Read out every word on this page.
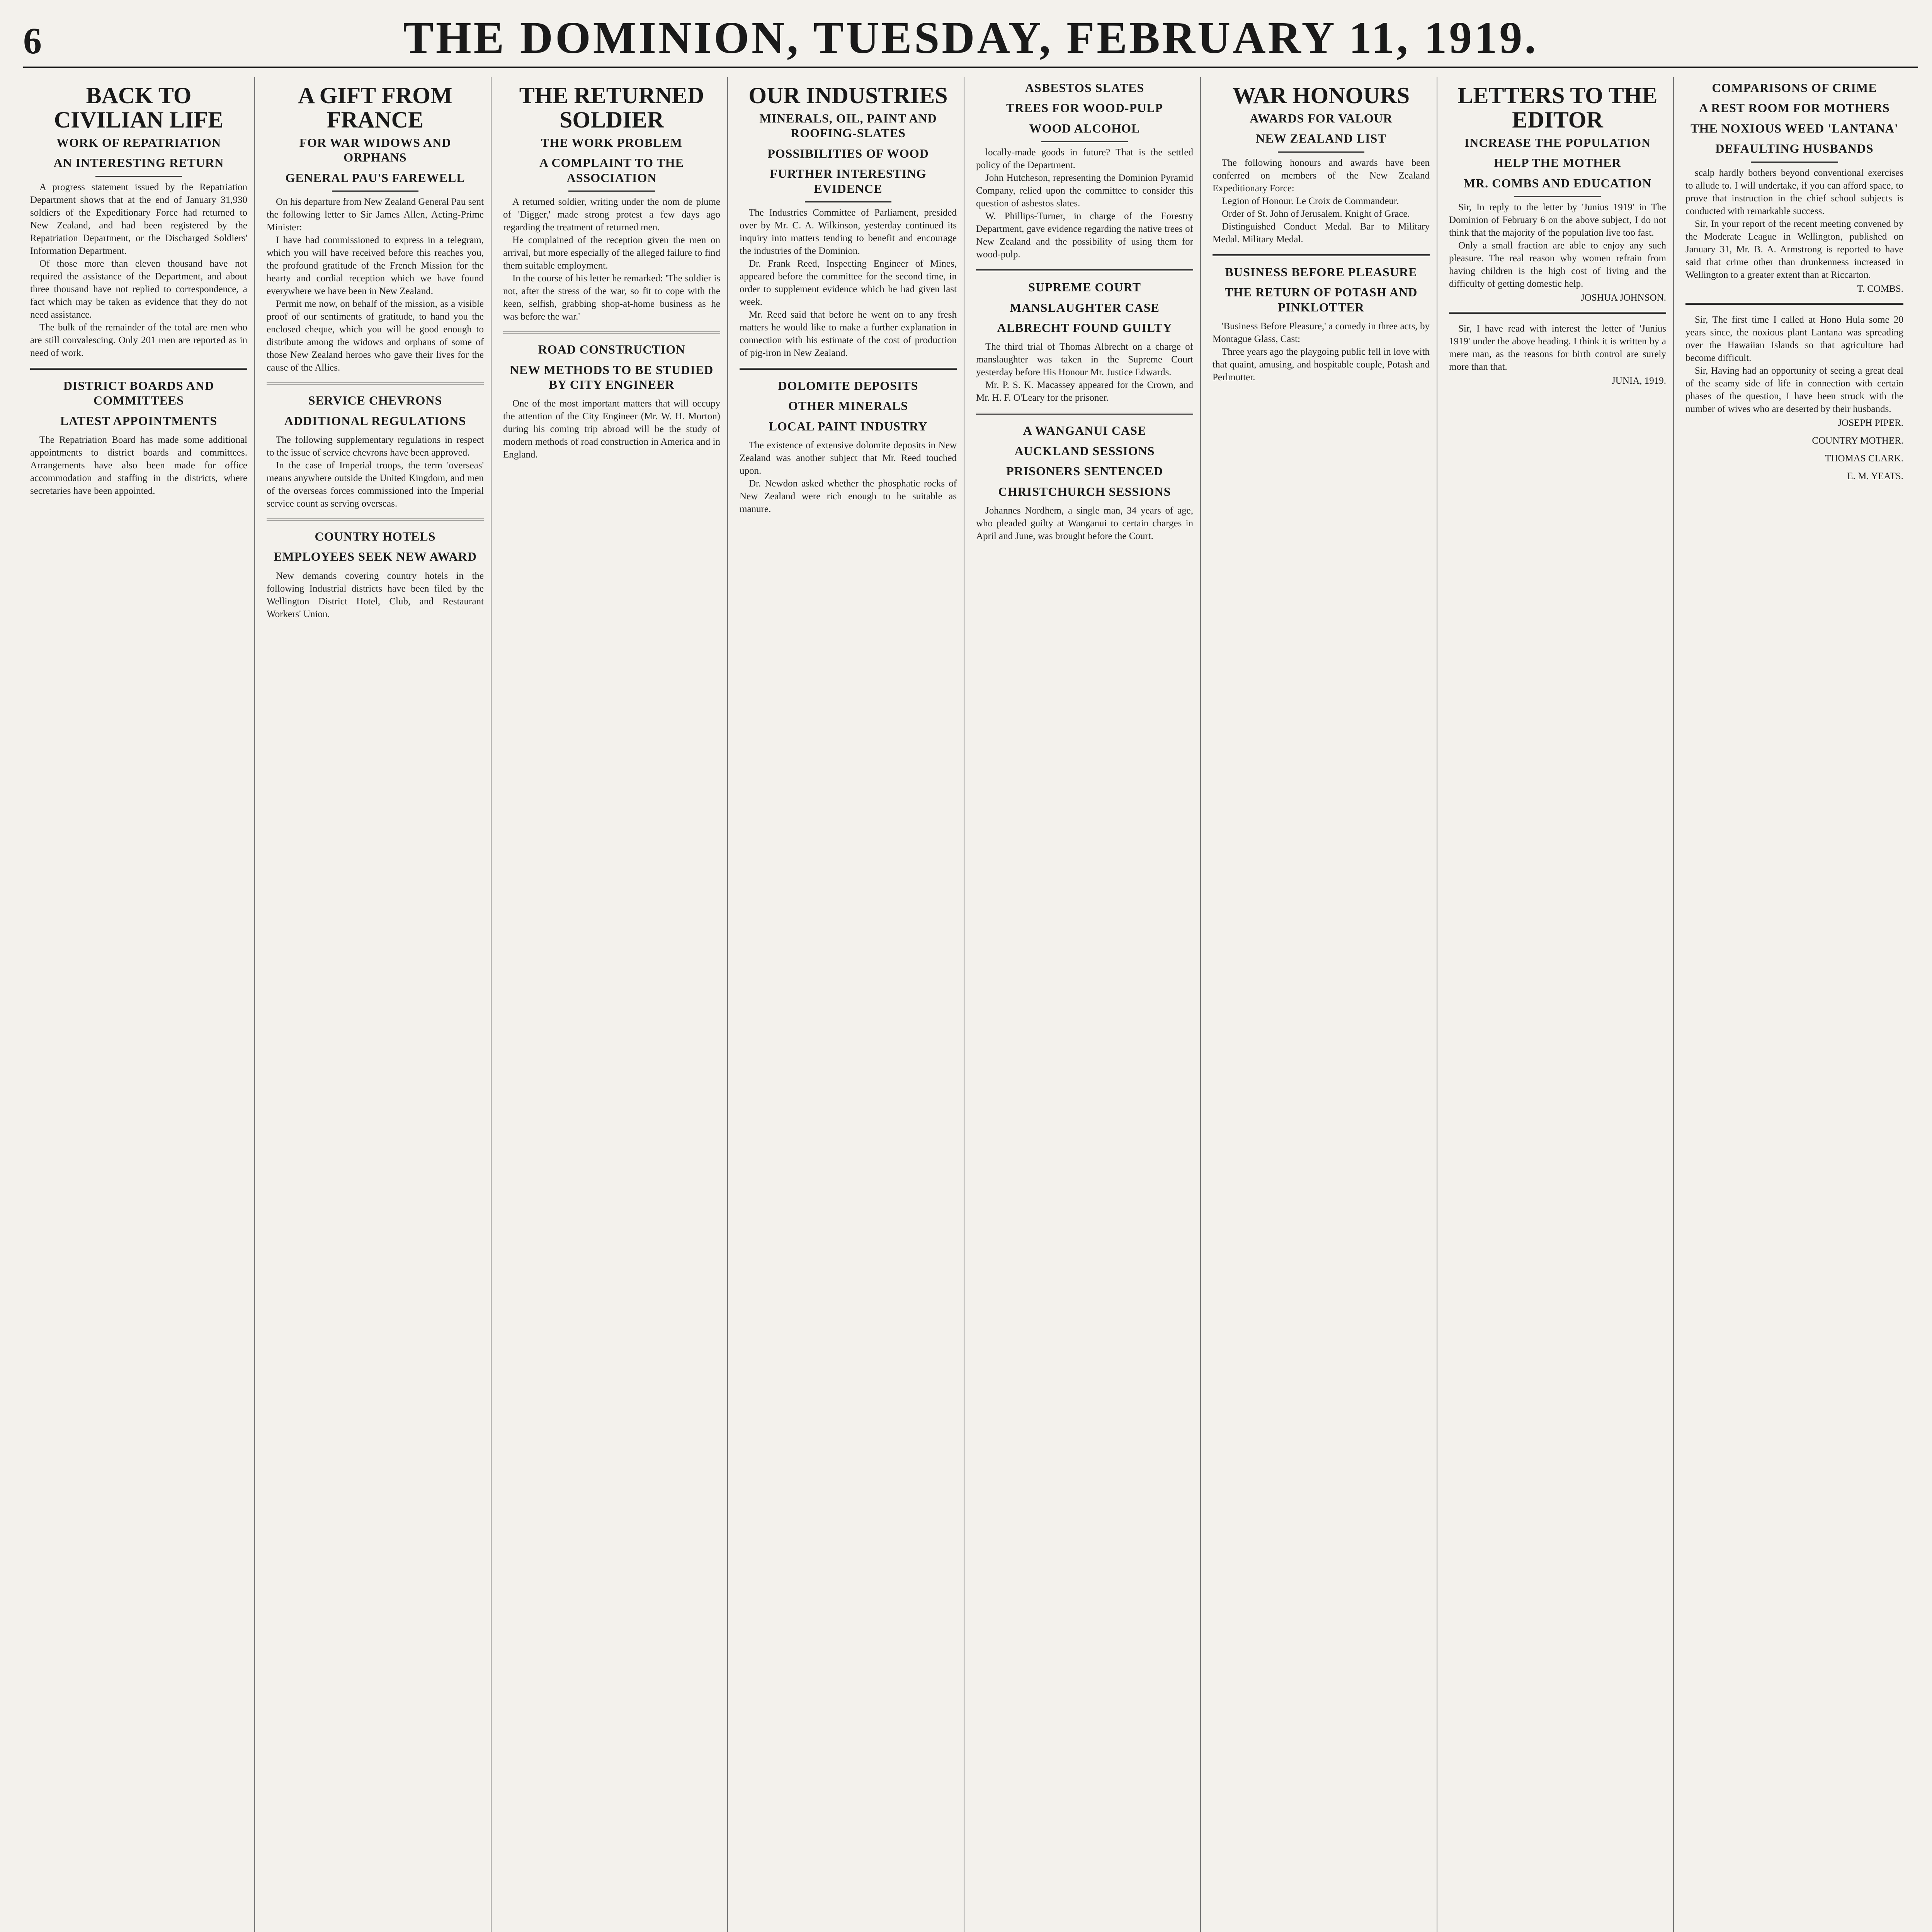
6	THE DOMINION, TUESDAY, FEBRUARY 11, 1919.
BACK TO CIVILIAN LIFE
WORK OF REPATRIATION
AN INTERESTING RETURN

A progress statement issued by the Repatriation Department shows that at the end of January 31,930 soldiers of the Expeditionary Force had returned to New Zealand, and had been registered by the Repatriation Department, or the Discharged Soldiers' Information Department.

Of those more than eleven thousand have not required the assistance of the Department, and about three thousand have not replied to correspondence, a fact which may be taken as evidence that they do not need assistance.

The bulk of the remainder of the total are men who are still convalescing. Only 201 men are reported as in need of work.

DISTRICT BOARDS AND COMMITTEES
LATEST APPOINTMENTS

The Repatriation Board has made some additional appointments to district boards and committees. Arrangements have also been made for office accommodation and staffing in the districts, where secretaries have been appointed.

A GIFT FROM FRANCE
FOR WAR WIDOWS AND ORPHANS
GENERAL PAU'S FAREWELL

On his departure from New Zealand General Pau sent the following letter to Sir James Allen, Acting-Prime Minister:

I have had commissioned to express in a telegram, which you will have received before this reaches you, the profound gratitude of the French Mission for the hearty and cordial reception which we have found everywhere we have been in New Zealand.

Permit me now, on behalf of the mission, as a visible proof of our sentiments of gratitude, to hand you the enclosed cheque, which you will be good enough to distribute among the widows and orphans of some of those New Zealand heroes who gave their lives for the cause of the Allies.

SERVICE CHEVRONS
ADDITIONAL REGULATIONS

The following supplementary regulations in respect to the issue of service chevrons have been approved.

In the case of Imperial troops, the term 'overseas' means anywhere outside the United Kingdom, and men of the overseas forces commissioned into the Imperial service count as serving overseas.

COUNTRY HOTELS
EMPLOYEES SEEK NEW AWARD

New demands covering country hotels in the following Industrial districts have been filed by the Wellington District Hotel, Club, and Restaurant Workers' Union.

THE RETURNED SOLDIER
THE WORK PROBLEM
A COMPLAINT TO THE ASSOCIATION

A returned soldier, writing under the nom de plume of 'Digger,' made strong protest a few days ago regarding the treatment of returned men.

He complained of the reception given the men on arrival, but more especially of the alleged failure to find them suitable employment.

In the course of his letter he remarked: 'The soldier is not, after the stress of the war, so fit to cope with the keen, selfish, grabbing shop-at-home business as he was before the war.'

ROAD CONSTRUCTION
NEW METHODS TO BE STUDIED BY CITY ENGINEER

One of the most important matters that will occupy the attention of the City Engineer (Mr. W. H. Morton) during his coming trip abroad will be the study of modern methods of road construction in America and in England.

OUR INDUSTRIES
MINERALS, OIL, PAINT AND ROOFING-SLATES
POSSIBILITIES OF WOOD
FURTHER INTERESTING EVIDENCE

The Industries Committee of Parliament, presided over by Mr. C. A. Wilkinson, yesterday continued its inquiry into matters tending to benefit and encourage the industries of the Dominion.

Dr. Frank Reed, Inspecting Engineer of Mines, appeared before the committee for the second time, in order to supplement evidence which he had given last week.

Mr. Reed said that before he went on to any fresh matters he would like to make a further explanation in connection with his estimate of the cost of production of pig-iron in New Zealand.

DOLOMITE DEPOSITS
OTHER MINERALS
LOCAL PAINT INDUSTRY

The existence of extensive dolomite deposits in New Zealand was another subject that Mr. Reed touched upon.

Dr. Newdon asked whether the phosphatic rocks of New Zealand were rich enough to be suitable as manure.

ASBESTOS SLATES
TREES FOR WOOD-PULP
WOOD ALCOHOL

locally-made goods in future? That is the settled policy of the Department.

John Hutcheson, representing the Dominion Pyramid Company, relied upon the committee to consider this question of asbestos slates.

W. Phillips-Turner, in charge of the Forestry Department, gave evidence regarding the native trees of New Zealand and the possibility of using them for wood-pulp.

SUPREME COURT
MANSLAUGHTER CASE
ALBRECHT FOUND GUILTY

The third trial of Thomas Albrecht on a charge of manslaughter was taken in the Supreme Court yesterday before His Honour Mr. Justice Edwards.

Mr. P. S. K. Macassey appeared for the Crown, and Mr. H. F. O'Leary for the prisoner.

A WANGANUI CASE
AUCKLAND SESSIONS
PRISONERS SENTENCED
CHRISTCHURCH SESSIONS

Johannes Nordhem, a single man, 34 years of age, who pleaded guilty at Wanganui to certain charges in April and June, was brought before the Court.

WAR HONOURS
AWARDS FOR VALOUR
NEW ZEALAND LIST

The following honours and awards have been conferred on members of the New Zealand Expeditionary Force:

Legion of Honour. Le Croix de Commandeur.

Order of St. John of Jerusalem. Knight of Grace.

Distinguished Conduct Medal. Bar to Military Medal. Military Medal.

BUSINESS BEFORE PLEASURE
THE RETURN OF POTASH AND PINKLOTTER

'Business Before Pleasure,' a comedy in three acts, by Montague Glass, Cast:

Three years ago the playgoing public fell in love with that quaint, amusing, and hospitable couple, Potash and Perlmutter.

LETTERS TO THE EDITOR
INCREASE THE POPULATION
HELP THE MOTHER
MR. COMBS AND EDUCATION

Sir, In reply to the letter by 'Junius 1919' in The Dominion of February 6 on the above subject, I do not think that the majority of the population live too fast.

Only a small fraction are able to enjoy any such pleasure. The real reason why women refrain from having children is the high cost of living and the difficulty of getting domestic help.

JOSHUA JOHNSON.

Sir, I have read with interest the letter of 'Junius 1919' under the above heading. I think it is written by a mere man, as the reasons for birth control are surely more than that.

JUNIA, 1919.
COMPARISONS OF CRIME
A REST ROOM FOR MOTHERS
THE NOXIOUS WEED 'LANTANA'
DEFAULTING HUSBANDS

scalp hardly bothers beyond conventional exercises to allude to. I will undertake, if you can afford space, to prove that instruction in the chief school subjects is conducted with remarkable success.

Sir, In your report of the recent meeting convened by the Moderate League in Wellington, published on January 31, Mr. B. A. Armstrong is reported to have said that crime other than drunkenness increased in Wellington to a greater extent than at Riccarton.

T. COMBS.

Sir, The first time I called at Hono Hula some 20 years since, the noxious plant Lantana was spreading over the Hawaiian Islands so that agriculture had become difficult.

Sir, Having had an opportunity of seeing a great deal of the seamy side of life in connection with certain phases of the question, I have been struck with the number of wives who are deserted by their husbands.

JOSEPH PIPER.
COUNTRY MOTHER.
THOMAS CLARK.
E. M. YEATS.
